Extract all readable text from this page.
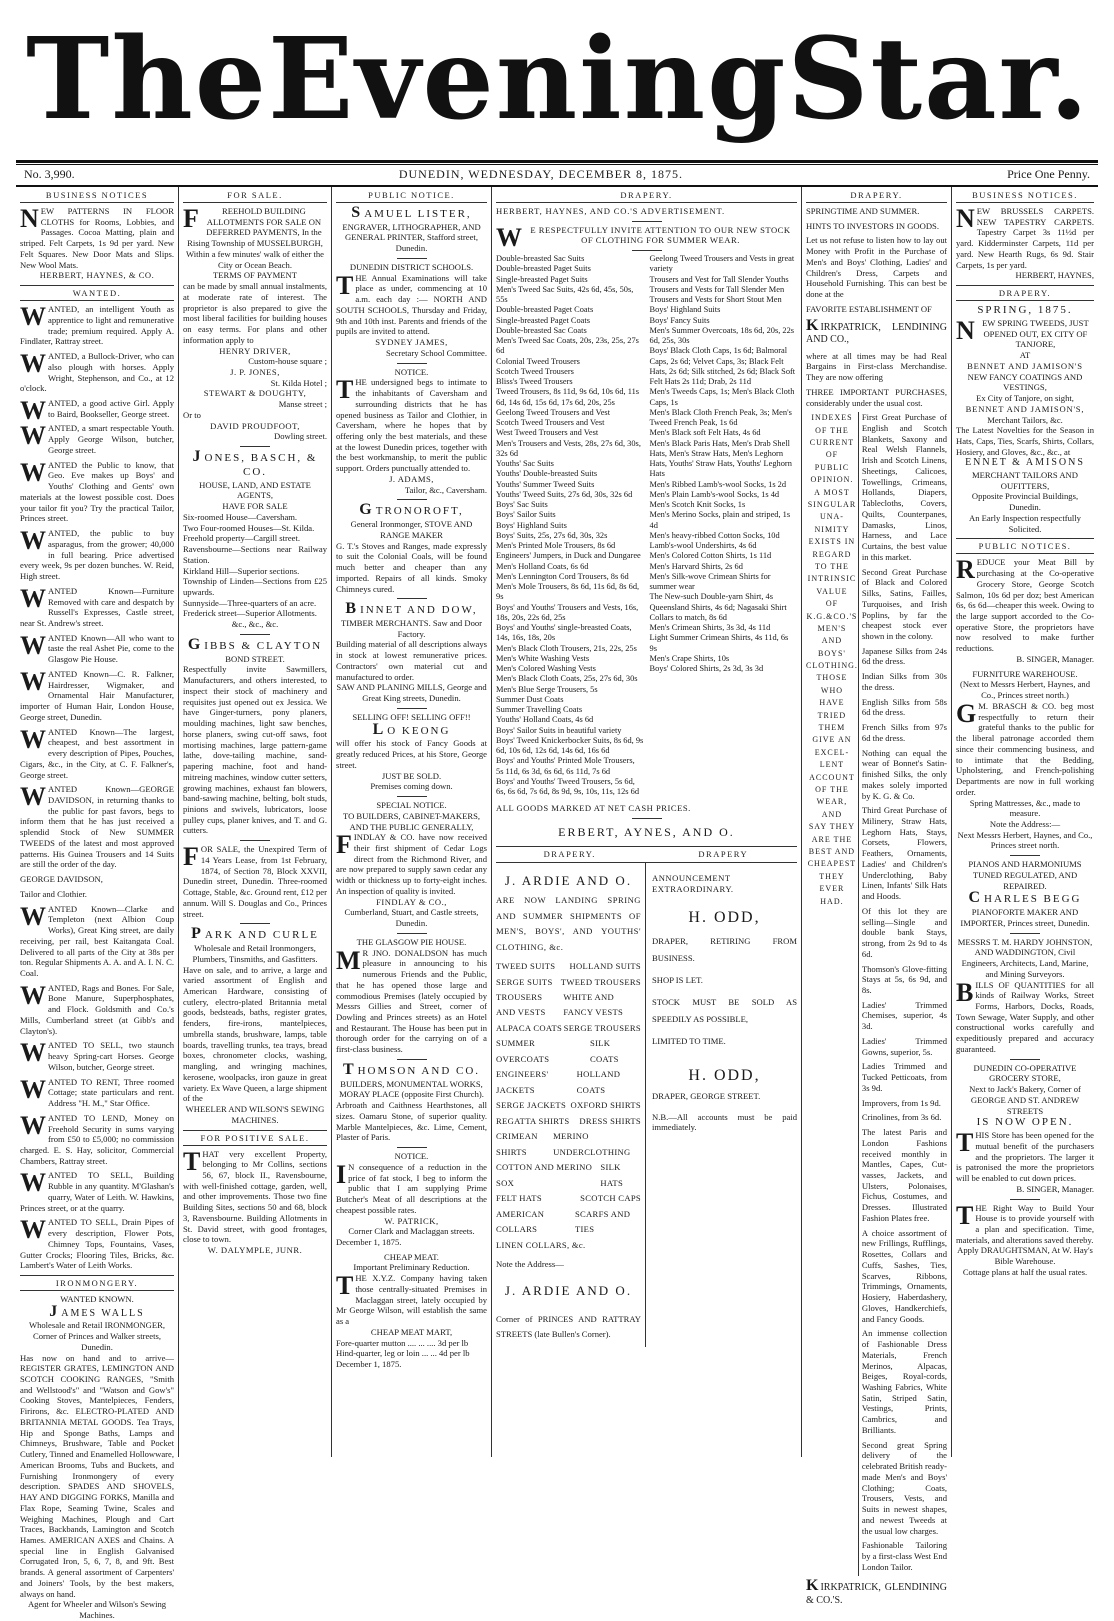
The Evening Star.
No. 3,990.	DUNEDIN, WEDNESDAY, DECEMBER 8, 1875.	Price One Penny.
BUSINESS NOTICES
N EW PATTERNS IN FLOOR CLOTHS for Rooms, Lobbies, and Passages. Cocoa Matting, plain and striped. Felt Carpets, 1s 9d per yard. New Felt Squares. New Door Mats and Slips. New Wool Mats.

HERBERT, HAYNES, & CO.

WANTED.
W ANTED, an intelligent Youth as apprentice to light and remunerative trade; premium required. Apply A. Findlater, Rattray street.

W ANTED, a Bullock-Driver, who can also plough with horses. Apply Wright, Stephenson, and Co., at 12 o'clock.

W ANTED, a good active Girl. Apply to Baird, Bookseller, George street.

W ANTED, a smart respectable Youth. Apply George Wilson, butcher, George street.

W ANTED the Public to know, that Geo. Eve makes up Boys' and Youths' Clothing and Gents' own materials at the lowest possible cost. Does your tailor fit you? Try the practical Tailor, Princes street.

W ANTED, the public to buy asparagus, from the grower; 40,000 in full bearing. Price advertised every week, 9s per dozen bunches. W. Reid, High street.

W ANTED Known—Furniture Removed with care and despatch by Russell's Expresses, Castle street, near St. Andrew's street.

W ANTED Known—All who want to taste the real Ashet Pie, come to the Glasgow Pie House.

W ANTED Known—C. R. Falkner, Hairdresser, Wigmaker, and Ornamental Hair Manufacturer, importer of Human Hair, London House, George street, Dunedin.

W ANTED Known—The largest, cheapest, and best assortment in every description of Pipes, Pouches, Cigars, &c., in the City, at C. F. Falkner's, George street.

W ANTED Known—GEORGE DAVIDSON, in returning thanks to the public for past favors, begs to inform them that he has just received a splendid Stock of New SUMMER TWEEDS of the latest and most approved patterns. His Guinea Trousers and 14 Suits are still the order of the day.

GEORGE DAVIDSON,

Tailor and Clothier.

W ANTED Known—Clarke and Templeton (next Albion Coup Works), Great King street, are daily receiving, per rail, best Kaitangata Coal. Delivered to all parts of the City at 38s per ton. Regular Shipments A. A. and A. I. N. C. Coal.

W ANTED, Rags and Bones. For Sale, Bone Manure, Superphosphates, and Flock. Goldsmith and Co.'s Mills, Cumberland street (at Gibb's and Clayton's).

W ANTED TO SELL, two staunch heavy Spring-cart Horses. George Wilson, butcher, George street.

W ANTED TO RENT, Three roomed Cottage; state particulars and rent. Address "H. M.," Star Office.

W ANTED TO LEND, Money on Freehold Security in sums varying from £50 to £5,000; no commission charged. E. S. Hay, solicitor, Commercial Chambers, Rattray street.

W ANTED TO SELL, Building Rubble in any quantity. M'Glashan's quarry, Water of Leith. W. Hawkins, Princes street, or at the quarry.

W ANTED TO SELL, Drain Pipes of every description, Flower Pots, Chimney Tops, Fountains, Vases, Gutter Crocks; Flooring Tiles, Bricks, &c. Lambert's Water of Leith Works.

IRONMONGERY.

WANTED KNOWN.

JAMES WALLS

Wholesale and Retail IRONMONGER, Corner of Princes and Walker streets, Dunedin.

Has now on hand and to arrive—REGISTER GRATES, LEMINGTON AND SCOTCH COOKING RANGES, "Smith and Wellstood's" and "Watson and Gow's" Cooking Stoves, Mantelpieces, Fenders, Firirons, &c. ELECTRO-PLATED AND BRITANNIA METAL GOODS. Tea Trays, Hip and Sponge Baths, Lamps and Chimneys, Brushware, Table and Pocket Cutlery, Tinned and Enamelled Hollowware, American Brooms, Tubs and Buckets, and Furnishing Ironmongery of every description. SPADES AND SHOVELS, HAY AND DIGGING FORKS, Manilla and Flax Rope, Seaming Twine, Scales and Weighing Machines, Plough and Cart Traces, Backbands, Lamington and Scotch Hames. AMERICAN AXES and Chains. A special line in English Galvanised Corrugated Iron, 5, 6, 7, 8, and 9ft. Best brands. A general assortment of Carpenters' and Joiners' Tools, by the best makers, always on hand.

Agent for Wheeler and Wilson's Sewing Machines.

FOR SALE.
F	REEHOLD BUILDING ALLOTMENTS FOR SALE ON DEFERRED PAYMENTS, In the Rising Township of MUSSELBURGH, Within a few minutes' walk of either the City or Ocean Beach.

TERMS OF PAYMENT

can be made by small annual instalments, at moderate rate of interest. The proprietor is also prepared to give the most liberal facilities for building houses on easy terms. For plans and other information apply to

HENRY DRIVER,

Custom-house square ;

J. P. JONES,

St. Kilda Hotel ;

STEWART & DOUGHTY,

Manse street ;

Or to

DAVID PROUDFOOT,

Dowling street.

J ONES, BASCH, & CO.

HOUSE, LAND, AND ESTATE AGENTS,

HAVE FOR SALE

Six-roomed House—Caversham.

Two Four-roomed Houses—St. Kilda.

Freehold property—Cargill street.

Ravensbourne—Sections near Railway Station.

Kirkland Hill—Superior sections.

Township of Linden—Sections from £25 upwards.

Sunnyside—Three-quarters of an acre.

Frederick street—Superior Allotments.

&c., &c., &c.

G IBBS & CLAYTON

BOND STREET.

Respectfully invite Sawmillers, Manufacturers, and others interested, to inspect their stock of machinery and requisites just opened out ex Jessica. We have Ginger-turners, pony planers, moulding machines, light saw benches, horse planers, swing cut-off saws, foot mortising machines, large pattern-game lathe, dove-tailing machine, sand-papering machine, foot and hand-mitreing machines, window cutter setters, growing machines, exhaust fan blowers, band-sawing machine, belting, bolt studs, pinions and swivels, lubricators, loose pulley cups, planer knives, and T. and G. cutters.

F OR SALE, the Unexpired Term of 14 Years Lease, from 1st February, 1874, of Section 78, Block XXVII, Dunedin street, Dunedin. Three-roomed Cottage, Stable, &c. Ground rent, £12 per annum. Will S. Douglas and Co., Princes street.

P ARK AND CURLE

Wholesale and Retail Ironmongers, Plumbers, Tinsmiths, and Gasfitters.

Have on sale, and to arrive, a large and varied assortment of English and American Hardware, consisting of cutlery, electro-plated Britannia metal goods, bedsteads, baths, register grates, fenders, fire-irons, mantelpieces, umbrella stands, brushware, lamps, table boards, travelling trunks, tea trays, bread boxes, chronometer clocks, washing, mangling, and wringing machines, kerosene, woolpacks, iron gauze in great variety. Ex Wave Queen, a large shipment of the

WHEELER AND WILSON'S SEWING MACHINES.

FOR POSITIVE SALE.
T HAT very excellent Property, belonging to Mr Collins, sections 56, 67, block II., Ravensbourne, with well-finished cottage, garden, well, and other improvements. Those two fine Building Sites, sections 50 and 68, block 3, Ravensbourne. Building Allotments in St. David street, with good frontages, close to town.

W. DALYMPLE, JUNR.

PUBLIC NOTICE.

S AMUEL LISTER,

ENGRAVER, LITHOGRAPHER, AND GENERAL PRINTER, Stafford street, Dunedin.

DUNEDIN DISTRICT SCHOOLS.

T HE Annual Examinations will take place as under, commencing at 10 a.m. each day :— NORTH AND SOUTH SCHOOLS, Thursday and Friday, 9th and 10th inst. Parents and friends of the pupils are invited to attend.

SYDNEY JAMES,

Secretary School Committee.

NOTICE.

T HE undersigned begs to intimate to the inhabitants of Caversham and surrounding districts that he has opened business as Tailor and Clothier, in Caversham, where he hopes that by offering only the best materials, and these at the lowest Dunedin prices, together with the best workmanship, to merit the public support. Orders punctually attended to.

J. ADAMS,

Tailor, &c., Caversham.

G TRONOROFT,

General Ironmonger, STOVE AND RANGE MAKER

G. T.'s Stoves and Ranges, made expressly to suit the Colonial Coals, will be found much better and cheaper than any imported. Repairs of all kinds. Smoky Chimneys cured.

B INNET AND DOW,

TIMBER MERCHANTS. Saw and Door Factory.

Building material of all descriptions always in stock at lowest remunerative prices. Contractors' own material cut and manufactured to order.

SAW AND PLANING MILLS, George and Great King streets, Dunedin.

SELLING OFF! SELLING OFF!!

L O KEONG

will offer his stock of Fancy Goods at greatly reduced Prices, at his Store, George street.

JUST BE SOLD.

Premises coming down.

SPECIAL NOTICE.

TO BUILDERS, CABINET-MAKERS, AND THE PUBLIC GENERALLY,

F INDLAY & CO. have now received their first shipment of Cedar Logs direct from the Richmond River, and are now prepared to supply sawn cedar any width or thickness up to forty-eight inches. An inspection of quality is invited.

FINDLAY & CO.,

Cumberland, Stuart, and Castle streets, Dunedin.

THE GLASGOW PIE HOUSE.

M R JNO. DONALDSON has much pleasure in announcing to his numerous Friends and the Public, that he has opened those large and commodious Premises (lately occupied by Messrs Gillies and Street, corner of Dowling and Princes streets) as an Hotel and Restaurant. The House has been put in thorough order for the carrying on of a first-class business.

T HOMSON AND CO.

BUILDERS, MONUMENTAL WORKS, MORAY PLACE (opposite First Church).

Arbroath and Caithness Hearthstones, all sizes. Oamaru Stone, of superior quality. Marble Mantelpieces, &c. Lime, Cement, Plaster of Paris.

NOTICE.

I N consequence of a reduction in the price of fat stock, I beg to inform the public that I am supplying Prime Butcher's Meat of all descriptions at the cheapest possible rates.

W. PATRICK,

Corner Clark and Maclaggan streets.

December 1, 1875.

CHEAP MEAT.

Important Preliminary Reduction.

T HE X.Y.Z. Company having taken those centrally-situated Premises in Maclaggan street, lately occupied by Mr George Wilson, will establish the same as a

CHEAP MEAT MART,

Fore-quarter mutton .... ... .... 3d per lb

Hind-quarter, leg or loin ... ... 4d per lb

December 1, 1875.

DRAPERY.

HERBERT, HAYNES, AND CO.'S ADVERTISEMENT.

W E RESPECTFULLY INVITE ATTENTION TO OUR NEW STOCK OF CLOTHING FOR SUMMER WEAR.

Double-breasted Sac Suits
Double-breasted Paget Suits
Single-breasted Paget Suits
Men's Tweed Sac Suits, 42s 6d, 45s, 50s, 55s
Double-breasted Paget Coats
Single-breasted Paget Coats
Double-breasted Sac Coats
Men's Tweed Sac Coats, 20s, 23s, 25s, 27s 6d
Colonial Tweed Trousers
Scotch Tweed Trousers
Bliss's Tweed Trousers
Tweed Trousers, 8s 11d, 9s 6d, 10s 6d, 11s 6d, 14s 6d, 15s 6d, 17s 6d, 20s, 25s
Geelong Tweed Trousers and Vest
Scotch Tweed Trousers and Vest
West Tweed Trousers and Vest
Men's Trousers and Vests, 28s, 27s 6d, 30s, 32s 6d
Youths' Sac Suits
Youths' Double-breasted Suits
Youths' Summer Tweed Suits
Youths' Tweed Suits, 27s 6d, 30s, 32s 6d
Boys' Sac Suits
Boys' Sailor Suits
Boys' Highland Suits
Boys' Suits, 25s, 27s 6d, 30s, 32s
Men's Printed Mole Trousers, 8s 6d
Engineers' Jumpers, in Duck and Dungaree
Men's Holland Coats, 6s 6d
Men's Lennington Cord Trousers, 8s 6d
Men's Mole Trousers, 8s 6d, 11s 6d, 8s 6d, 9s
Boys' and Youths' Trousers and Vests, 16s, 18s, 20s, 22s 6d, 25s
Boys' and Youths' single-breasted Coats, 14s, 16s, 18s, 20s
Men's Black Cloth Trousers, 21s, 22s, 25s
Men's White Washing Vests
Men's Colored Washing Vests
Men's Black Cloth Coats, 25s, 27s 6d, 30s
Men's Blue Serge Trousers, 5s
Summer Dust Coats
Summer Travelling Coats
Youths' Holland Coats, 4s 6d
Boys' Sailor Suits in beautiful variety
Boys' Tweed Knickerbocker Suits, 8s 6d, 9s 6d, 10s 6d, 12s 6d, 14s 6d, 16s 6d
Boys' and Youths' Printed Mole Trousers, 5s 11d, 6s 3d, 6s 6d, 6s 11d, 7s 6d
Boys' and Youths' Tweed Trousers, 5s 6d, 6s, 6s 6d, 7s 6d, 8s 9d, 9s, 10s, 11s, 12s 6d
Geelong Tweed Trousers and Vests in great variety
Trousers and Vest for Tall Slender Youths
Trousers and Vests for Tall Slender Men
Trousers and Vests for Short Stout Men
Boys' Highland Suits
Boys' Fancy Suits
Men's Summer Overcoats, 18s 6d, 20s, 22s 6d, 25s, 30s
Boys' Black Cloth Caps, 1s 6d; Balmoral Caps, 2s 6d; Velvet Caps, 3s; Black Felt Hats, 2s 6d; Silk stitched, 2s 6d; Black Soft Felt Hats 2s 11d; Drab, 2s 11d
Men's Tweeds Caps, 1s; Men's Black Cloth Caps, 1s
Men's Black Cloth French Peak, 3s; Men's Tweed French Peak, 1s 6d
Men's Black soft Felt Hats, 4s 6d
Men's Black Paris Hats, Men's Drab Shell Hats, Men's Straw Hats, Men's Leghorn Hats, Youths' Straw Hats, Youths' Leghorn Hats
Men's Ribbed Lamb's-wool Socks, 1s 2d
Men's Plain Lamb's-wool Socks, 1s 4d
Men's Scotch Knit Socks, 1s
Men's Merino Socks, plain and striped, 1s 4d
Men's heavy-ribbed Cotton Socks, 10d
Lamb's-wool Undershirts, 4s 6d
Men's Colored Cotton Shirts, 1s 11d
Men's Harvard Shirts, 2s 6d
Men's Silk-wove Crimean Shirts for summer wear
The New-such Double-yarn Shirt, 4s
Queensland Shirts, 4s 6d; Nagasaki Shirt Collars to match, 8s 6d
Men's Crimean Shirts, 3s 3d, 4s 11d
Light Summer Crimean Shirts, 4s 11d, 6s 9s
Men's Crape Shirts, 10s
Boys' Colored Shirts, 2s 3d, 3s 3d

ALL GOODS MARKED AT NET CASH PRICES.

ERBERT, AYNES, AND O.

DRAPERY.	DRAPERY

J. ARDIE AND O.

ARE NOW LANDING SPRING AND SUMMER SHIPMENTS OF MEN'S, BOYS', AND YOUTHS' CLOTHING, &c.

TWEED SUITS HOLLAND SUITS
SERGE SUITS TWEED TROUSERS
TROUSERS AND VESTS
WHITE AND FANCY VESTS
ALPACA COATS SERGE TROUSERS
SUMMER OVERCOATS
SILK COATS
ENGINEERS' JACKETS
HOLLAND COATS
SERGE JACKETS OXFORD SHIRTS
REGATTA SHIRTS DRESS SHIRTS
CRIMEAN SHIRTS
MERINO UNDERCLOTHING
COTTON AND MERINO SOX
SILK HATS
FELT HATS	SCOTCH CAPS
AMERICAN COLLARS
SCARFS AND TIES
LINEN COLLARS, &c.

Note the Address—

J. ARDIE AND O.

Corner of PRINCES AND RATTRAY STREETS (late Bullen's Corner).

ANNOUNCEMENT EXTRAORDINARY.

H. ODD,

DRAPER, RETIRING FROM BUSINESS.

SHOP IS LET.

STOCK MUST BE SOLD AS SPEEDILY AS POSSIBLE,

LIMITED TO TIME.

H. ODD,

DRAPER, GEORGE STREET.

N.B.—All accounts must be paid immediately.

DRAPERY.

SPRINGTIME AND SUMMER.

HINTS TO INVESTORS IN GOODS.

Let us not refuse to listen how to lay out Money with Profit in the Purchase of Men's and Boys' Clothing, Ladies' and Children's Dress, Carpets and Household Furnishing. This can best be done at the

FAVORITE ESTABLISHMENT OF

KIRKPATRICK, LENDINING AND CO.,

where at all times may be had Real Bargains in First-class Merchandise. They are now offering

THREE IMPORTANT PURCHASES, considerably under the usual cost.

INDEXES
OF THE
CURRENT
OF
PUBLIC
OPINION.
A MOST
SINGULAR
UNA-
NIMITY
EXISTS IN
REGARD
TO THE
INTRINSIC
VALUE
OF
K.G.&CO.'S
MEN'S
AND
BOYS'
CLOTHING.
THOSE
WHO
HAVE
TRIED
THEM
GIVE AN
EXCEL-
LENT
ACCOUNT
OF THE
WEAR,
AND
SAY THEY
ARE THE
BEST AND
CHEAPEST
THEY
EVER
HAD.

First Great Purchase of English and Scotch Blankets, Saxony and Real Welsh Flannels, Irish and Scotch Linens, Sheetings, Calicoes, Towellings, Crimeans, Hollands, Diapers, Tablecloths, Covers, Quilts, Counterpanes, Damasks, Linos, Harness, and Lace Curtains, the best value in this market.

Second Great Purchase of Black and Colored Silks, Satins, Failles, Turquoises, and Irish Poplins, by far the cheapest stock ever shown in the colony.

Japanese Silks from 24s 6d the dress.

Indian Silks from 30s the dress.

English Silks from 58s 6d the dress.

French Silks from 97s 6d the dress.

Nothing can equal the wear of Bonnet's Satin-finished Silks, the only makes solely imported by K. G. & Co.

Third Great Purchase of Milinery, Straw Hats, Leghorn Hats, Stays, Corsets, Flowers, Feathers, Ornaments, Ladies' and Children's Underclothing, Baby Linen, Infants' Silk Hats and Hoods.

Of this lot they are selling—Single and double bank Stays, strong, from 2s 9d to 4s 6d.

Thomson's Glove-fitting Stays at 5s, 6s 9d, and 8s.

Ladies' Trimmed Chemises, superior, 4s 3d.

Ladies' Trimmed Gowns, superior, 5s.

Ladies Trimmed and Tucked Petticoats, from 3s 9d.

Improvers, from 1s 9d.

Crinolines, from 3s 6d.

The latest Paris and London Fashions received monthly in Mantles, Capes, Cut-vasses, Jackets, and Ulsters, Polonaises, Fichus, Costumes, and Dresses. Illustrated Fashion Plates free.

A choice assortment of new Frillings, Rufflings, Rosettes, Collars and Cuffs, Sashes, Ties, Scarves, Ribbons, Trimmings, Ornaments, Hosiery, Haberdashery, Gloves, Handkerchiefs, and Fancy Goods.

An immense collection of Fashionable Dress Materials, French Merinos, Alpacas, Beiges, Royal-cords, Washing Fabrics, White Satin, Striped Satin, Vestings, Prints, Cambrics, and Brilliants.

Second great Spring delivery of the celebrated British ready-made Men's and Boys' Clothing; Coats, Trousers, Vests, and Suits in newest shapes, and newest Tweeds at the usual low charges.

Fashionable Tailoring by a first-class West End London Tailor.

KIRKPATRICK, GLENDINING & CO.'S.

BUSINESS NOTICES.
N EW BRUSSELS CARPETS. NEW TAPESTRY CARPETS. Tapestry Carpet 3s 11½d per yard. Kidderminster Carpets, 11d per yard. New Hearth Rugs, 6s 9d. Stair Carpets, 1s per yard.

HERBERT, HAYNES,

DRAPERY.

SPRING, 1875.

N EW SPRING TWEEDS, JUST OPENED OUT, EX CITY OF TANJORE,

AT

BENNET AND JAMISON'S

NEW FANCY COATINGS AND VESTINGS,

Ex City of Tanjore, on sight,

BENNET AND JAMISON'S,

Merchant Tailors, &c.

The Latest Novelties for the Season in Hats, Caps, Ties, Scarfs, Shirts, Collars, Hosiery, and Gloves, &c., &c., at

ENNET & AMISONS

MERCHANT TAILORS AND OUFITTERS,

Opposite Provincial Buildings, Dunedin.

An Early Inspection respectfully Solicited.

PUBLIC NOTICES.
R EDUCE your Meat Bill by purchasing at the Co-operative Grocery Store, George Scotch Salmon, 10s 6d per doz; best American 6s, 6s 6d—cheaper this week. Owing to the large support accorded to the Co-operative Store, the proprietors have now resolved to make further reductions.

B. SINGER, Manager.

FURNITURE WAREHOUSE.

(Next to Messrs Herbert, Haynes, and Co., Princes street north.)

G M. BRASCH & CO. beg most respectfully to return their grateful thanks to the public for the liberal patronage accorded them since their commencing business, and to intimate that the Bedding, Upholstering, and French-polishing Departments are now in full working order.

Spring Mattresses, &c., made to measure.

Note the Address:—

Next Messrs Herbert, Haynes, and Co., Princes street north.

PIANOS AND HARMONIUMS TUNED REGULATED, AND REPAIRED.

C HARLES BEGG

PIANOFORTE MAKER AND IMPORTER, Princes street, Dunedin.

MESSRS T. M. HARDY JOHNSTON, AND WADDINGTON, Civil Engineers, Architects, Land, Marine, and Mining Surveyors.

B ILLS OF QUANTITIES for all kinds of Railway Works, Street Forms, Harbors, Docks, Roads, Town Sewage, Water Supply, and other constructional works carefully and expeditiously prepared and accuracy guaranteed.

DUNEDIN CO-OPERATIVE GROCERY STORE,

Next to Jack's Bakery, Corner of GEORGE AND ST. ANDREW STREETS

IS NOW OPEN.

T HIS Store has been opened for the mutual benefit of the purchasers and the proprietors. The larger it is patronised the more the proprietors will be enabled to cut down prices.

B. SINGER, Manager.

T HE Right Way to Build Your House is to provide yourself with a plan and specification. Time, materials, and alterations saved thereby.

Apply DRAUGHTSMAN, At W. Hay's Bible Warehouse.

Cottage plans at half the usual rates.
